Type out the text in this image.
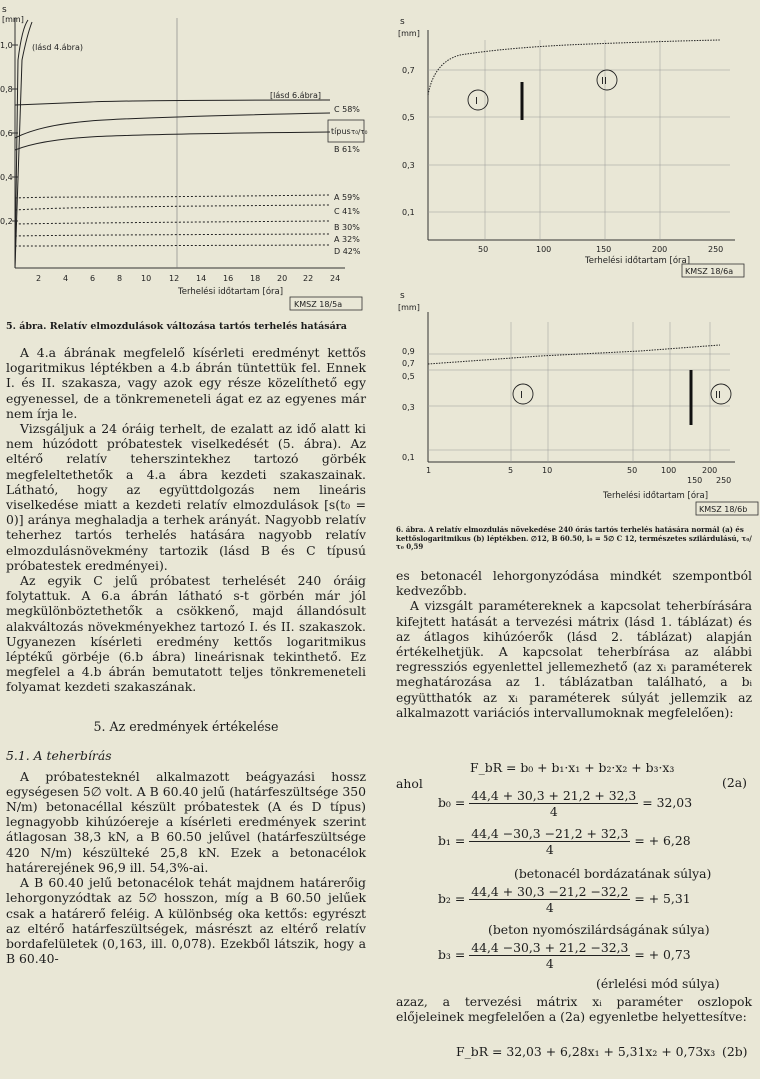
s
[mm]
1,0
0,8
0,6
0,4
0,2
2	4	6	8 10 12 14 16 18 20 22 24
(lásd 4.ábra)
[lásd 6.ábra]
C 58%
típus τ₀/τ₀
B 61%
A 59%
C 41%
B 30%
A 32%
D 42%
Terhelési időtartam [óra]
KMSZ 18/5a
5. ábra. Relatív elmozdulások változása tartós terhelés hatására

A 4.a ábrának megfelelő kísérleti eredményt kettős logaritmikus léptékben a 4.b ábrán tüntettük fel. Ennek I. és II. szakasza, vagy azok egy része közelíthető egy egyenessel, de a tönkremeneteli ágat ez az egyenes már nem írja le.

Vizsgáljuk a 24 óráig terhelt, de ezalatt az idő alatt ki nem húzódott próbatestek viselkedését (5. ábra). Az eltérő relatív teherszintekhez tartozó görbék megfeleltethetők a 4.a ábra kezdeti szakaszainak. Látható, hogy az együttdolgozás nem lineáris viselkedése miatt a kezdeti relatív elmozdulások [s(t₀ = 0)] aránya meghaladja a terhek arányát. Nagyobb relatív teherhez tartós terhelés hatására nagyobb relatív elmozdulásnövekmény tartozik (lásd B és C típusú próbatestek eredményei).

Az egyik C jelű próbatest terhelését 240 óráig folytattuk. A 6.a ábrán látható s-t görbén már jól megkülönböztethetők a csökkenő, majd állandósult alakváltozás növekményekhez tartozó I. és II. szakaszok. Ugyanezen kísérleti eredmény kettős logaritmikus léptékű görbéje (6.b ábra) lineárisnak tekinthető. Ez megfelel a 4.b ábrán bemutatott teljes tönkremeneteli folyamat kezdeti szakaszának.

5. Az eredmények értékelése

5.1. A teherbírás

A próbatesteknél alkalmazott beágyazási hossz egységesen 5∅ volt. A B 60.40 jelű (határfeszültsége 350 N/m) betonacéllal készült próbatestek (A és D típus) legnagyobb kihúzóereje a kísérleti eredmények szerint átlagosan 38,3 kN, a B 60.50 jelűvel (határfeszültsége 420 N/m) készülteké 25,8 kN. Ezek a betonacélok határerejének 96,9 ill. 54,3%-ai.

A B 60.40 jelű betonacélok tehát majdnem határerőig lehorgonyzódtak az 5∅ hosszon, míg a B 60.50 jelűek csak a határerő feléig. A különbség oka kettős: egyrészt az eltérő határfeszültségek, másrészt az eltérő relatív bordafelületek (0,163, ill. 0,078). Ezekből látszik, hogy a B 60.40-

s
[mm]
0,7
0,5
0,3
0,1
50	100	150	200	250
I
II
Terhelési időtartam [óra]
KMSZ 18/6a
s
[mm]
0,9
0,7
0,5
0,3
0,1
1	5	10	50	100	200
150 250
I	II
Terhelési időtartam [óra]
KMSZ 18/6b
6. ábra. A relatív elmozdulás növekedése 240 órás tartós terhelés hatására normál (a) és kettőslogaritmikus (b) léptékben. ∅12, B 60.50, l₀ = 5∅ C 12, természetes szilárdulású, τ₀/τ₀ 0,59

es betonacél lehorgonyzódása mindkét szempontból kedvezőbb.

A vizsgált paramétereknek a kapcsolat teherbírására kifejtett hatását a tervezési mátrix (lásd 1. táblázat) és az átlagos kihúzóerők (lásd 2. táblázat) alapján értékelhetjük. A kapcsolat teherbírása az alábbi regressziós egyenlettel jellemezhető (az xᵢ paraméterek meghatározása az 1. táblázatban található, a bᵢ együtthatók az xᵢ paraméterek súlyát jellemzik az alkalmazott variációs intervallumoknak megfelelően):

F_bR = b₀ + b₁·x₁ + b₂·x₂ + b₃·x₃
(2a)
ahol
$b_0 = \frac{44,4 + 30,3 + 21,2 + 32,3}{4} = 32,03$
$b_1 = \frac{44,4 -30,3 -21,2 + 32,3}{4}$ = + 6,28
(betonacél bordázatának súlya)
$b_2 = \frac{44,4 + 30,3 -21,2 -32,2}{4}$ = + 5,31
(beton nyomószilárdságának súlya)
$b_3 = \frac{44,4 -30,3 + 21,2 -32,3}{4}$ = + 0,73
(érlelési mód súlya)

azaz, a tervezési mátrix xᵢ paraméter oszlopok előjeleinek megfelelően a (2a) egyenletbe helyettesítve:

F_bR = 32,03 + 6,28x₁ + 5,31x₂ + 0,73x₃ (2b)
